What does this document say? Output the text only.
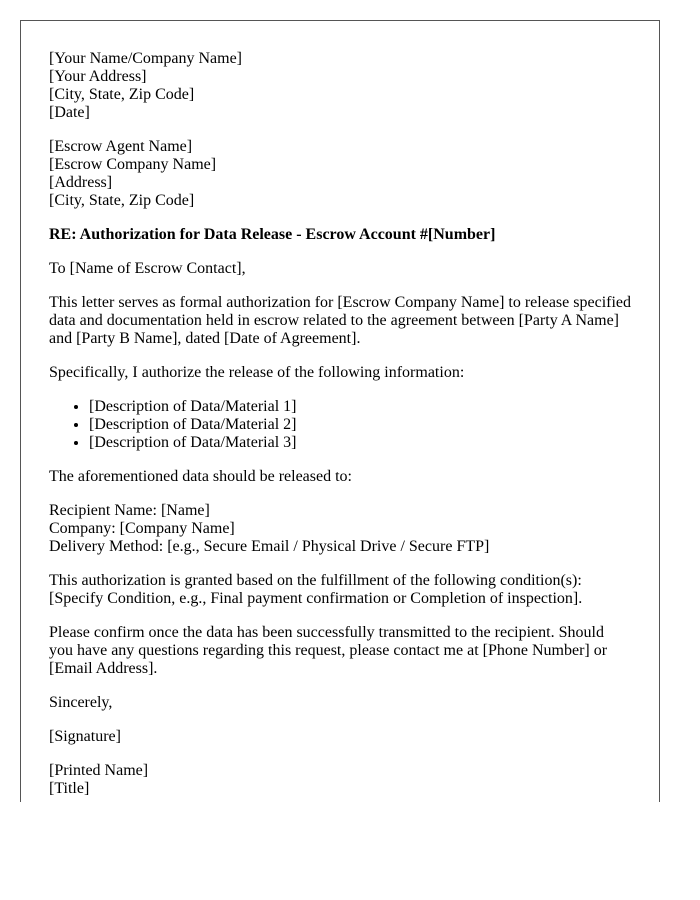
[Your Name/Company Name]
[Your Address]
[City, State, Zip Code]
[Date]
[Escrow Agent Name]
[Escrow Company Name]
[Address]
[City, State, Zip Code]

RE: Authorization for Data Release - Escrow Account #[Number]

To [Name of Escrow Contact],

This letter serves as formal authorization for [Escrow Company Name] to release specified data and documentation held in escrow related to the agreement between [Party A Name] and [Party B Name], dated [Date of Agreement].

Specifically, I authorize the release of the following information:

• [Description of Data/Material 1]
• [Description of Data/Material 2]
• [Description of Data/Material 3]

The aforementioned data should be released to:

Recipient Name: [Name]
Company: [Company Name]
Delivery Method: [e.g., Secure Email / Physical Drive / Secure FTP]
This authorization is granted based on the fulfillment of the following condition(s):
[Specify Condition, e.g., Final payment confirmation or Completion of inspection].

Please confirm once the data has been successfully transmitted to the recipient. Should you have any questions regarding this request, please contact me at [Phone Number] or [Email Address].

Sincerely,

[Signature]

[Printed Name]
[Title]
